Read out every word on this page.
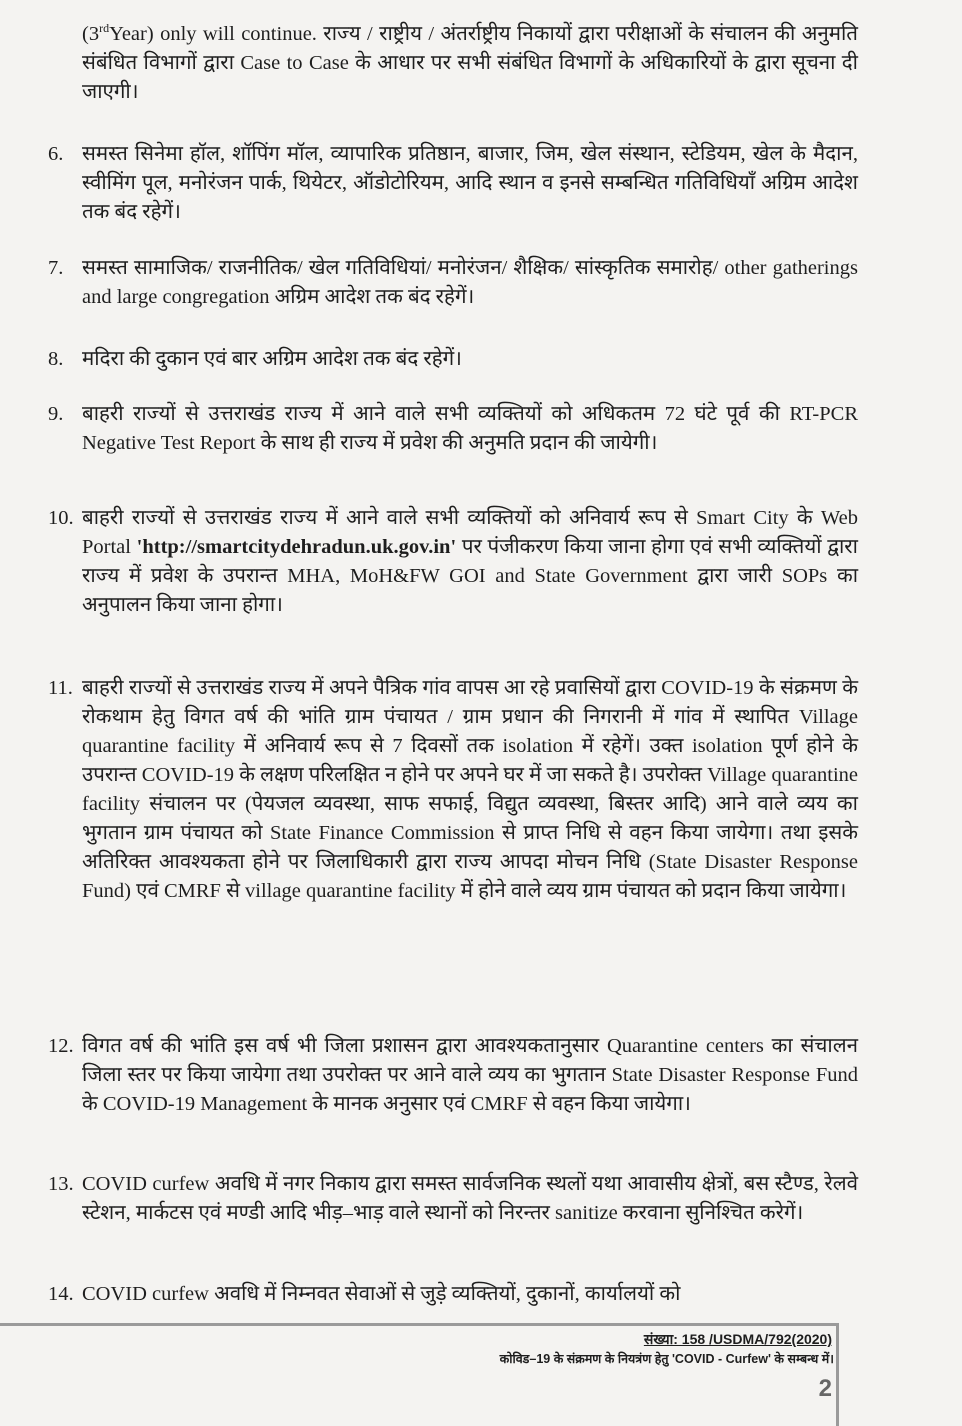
(3rdYear) only will continue. राज्य / राष्ट्रीय / अंतर्राष्ट्रीय निकायों द्वारा परीक्षाओं के संचालन की अनुमति संबंधित विभागों द्वारा Case to Case के आधार पर सभी संबंधित विभागों के अधिकारियों के द्वारा सूचना दी जाएगी।
6. समस्त सिनेमा हॉल, शॉपिंग मॉल, व्यापारिक प्रतिष्ठान, बाजार, जिम, खेल संस्थान, स्टेडियम, खेल के मैदान, स्वीमिंग पूल, मनोरंजन पार्क, थियेटर, ऑडोटोरियम, आदि स्थान व इनसे सम्बन्धित गतिविधियाँ अग्रिम आदेश तक बंद रहेगें।
7. समस्त सामाजिक/ राजनीतिक/ खेल गतिविधियां/ मनोरंजन/ शैक्षिक/ सांस्कृतिक समारोह/ other gatherings and large congregation अग्रिम आदेश तक बंद रहेगें।
8. मदिरा की दुकान एवं बार अग्रिम आदेश तक बंद रहेगें।
9. बाहरी राज्यों से उत्तराखंड राज्य में आने वाले सभी व्यक्तियों को अधिकतम 72 घंटे पूर्व की RT-PCR Negative Test Report के साथ ही राज्य में प्रवेश की अनुमति प्रदान की जायेगी।
10. बाहरी राज्यों से उत्तराखंड राज्य में आने वाले सभी व्यक्तियों को अनिवार्य रूप से Smart City के Web Portal 'http://smartcitydehradun.uk.gov.in' पर पंजीकरण किया जाना होगा एवं सभी व्यक्तियों द्वारा राज्य में प्रवेश के उपरान्त MHA, MoH&FW GOI and State Government द्वारा जारी SOPs का अनुपालन किया जाना होगा।
11. बाहरी राज्यों से उत्तराखंड राज्य में अपने पैत्रिक गांव वापस आ रहे प्रवासियों द्वारा COVID-19 के संक्रमण के रोकथाम हेतु विगत वर्ष की भांति ग्राम पंचायत / ग्राम प्रधान की निगरानी में गांव में स्थापित Village quarantine facility में अनिवार्य रूप से 7 दिवसों तक isolation में रहेगें। उक्त isolation पूर्ण होने के उपरान्त COVID-19 के लक्षण परिलक्षित न होने पर अपने घर में जा सकते है। उपरोक्त Village quarantine facility संचालन पर (पेयजल व्यवस्था, साफ सफाई, विद्युत व्यवस्था, बिस्तर आदि) आने वाले व्यय का भुगतान ग्राम पंचायत को State Finance Commission से प्राप्त निधि से वहन किया जायेगा। तथा इसके अतिरिक्त आवश्यकता होने पर जिलाधिकारी द्वारा राज्य आपदा मोचन निधि (State Disaster Response Fund) एवं CMRF से village quarantine facility में होने वाले व्यय ग्राम पंचायत को प्रदान किया जायेगा।
12. विगत वर्ष की भांति इस वर्ष भी जिला प्रशासन द्वारा आवश्यकतानुसार Quarantine centers का संचालन जिला स्तर पर किया जायेगा तथा उपरोक्त पर आने वाले व्यय का भुगतान State Disaster Response Fund के COVID-19 Management के मानक अनुसार एवं CMRF से वहन किया जायेगा।
13. COVID curfew अवधि में नगर निकाय द्वारा समस्त सार्वजनिक स्थलों यथा आवासीय क्षेत्रों, बस स्टैण्ड, रेलवे स्टेशन, मार्कटस एवं मण्डी आदि भीड़–भाड़ वाले स्थानों को निरन्तर sanitize करवाना सुनिश्चित करेगें।
14. COVID curfew अवधि में निम्नवत सेवाओं से जुड़े व्यक्तियों, दुकानों, कार्यालयों को
संख्या: 158 /USDMA/792(2020)
कोविड–19 के संक्रमण के नियत्रंण हेतु 'COVID - Curfew' के सम्बन्ध में।
2
